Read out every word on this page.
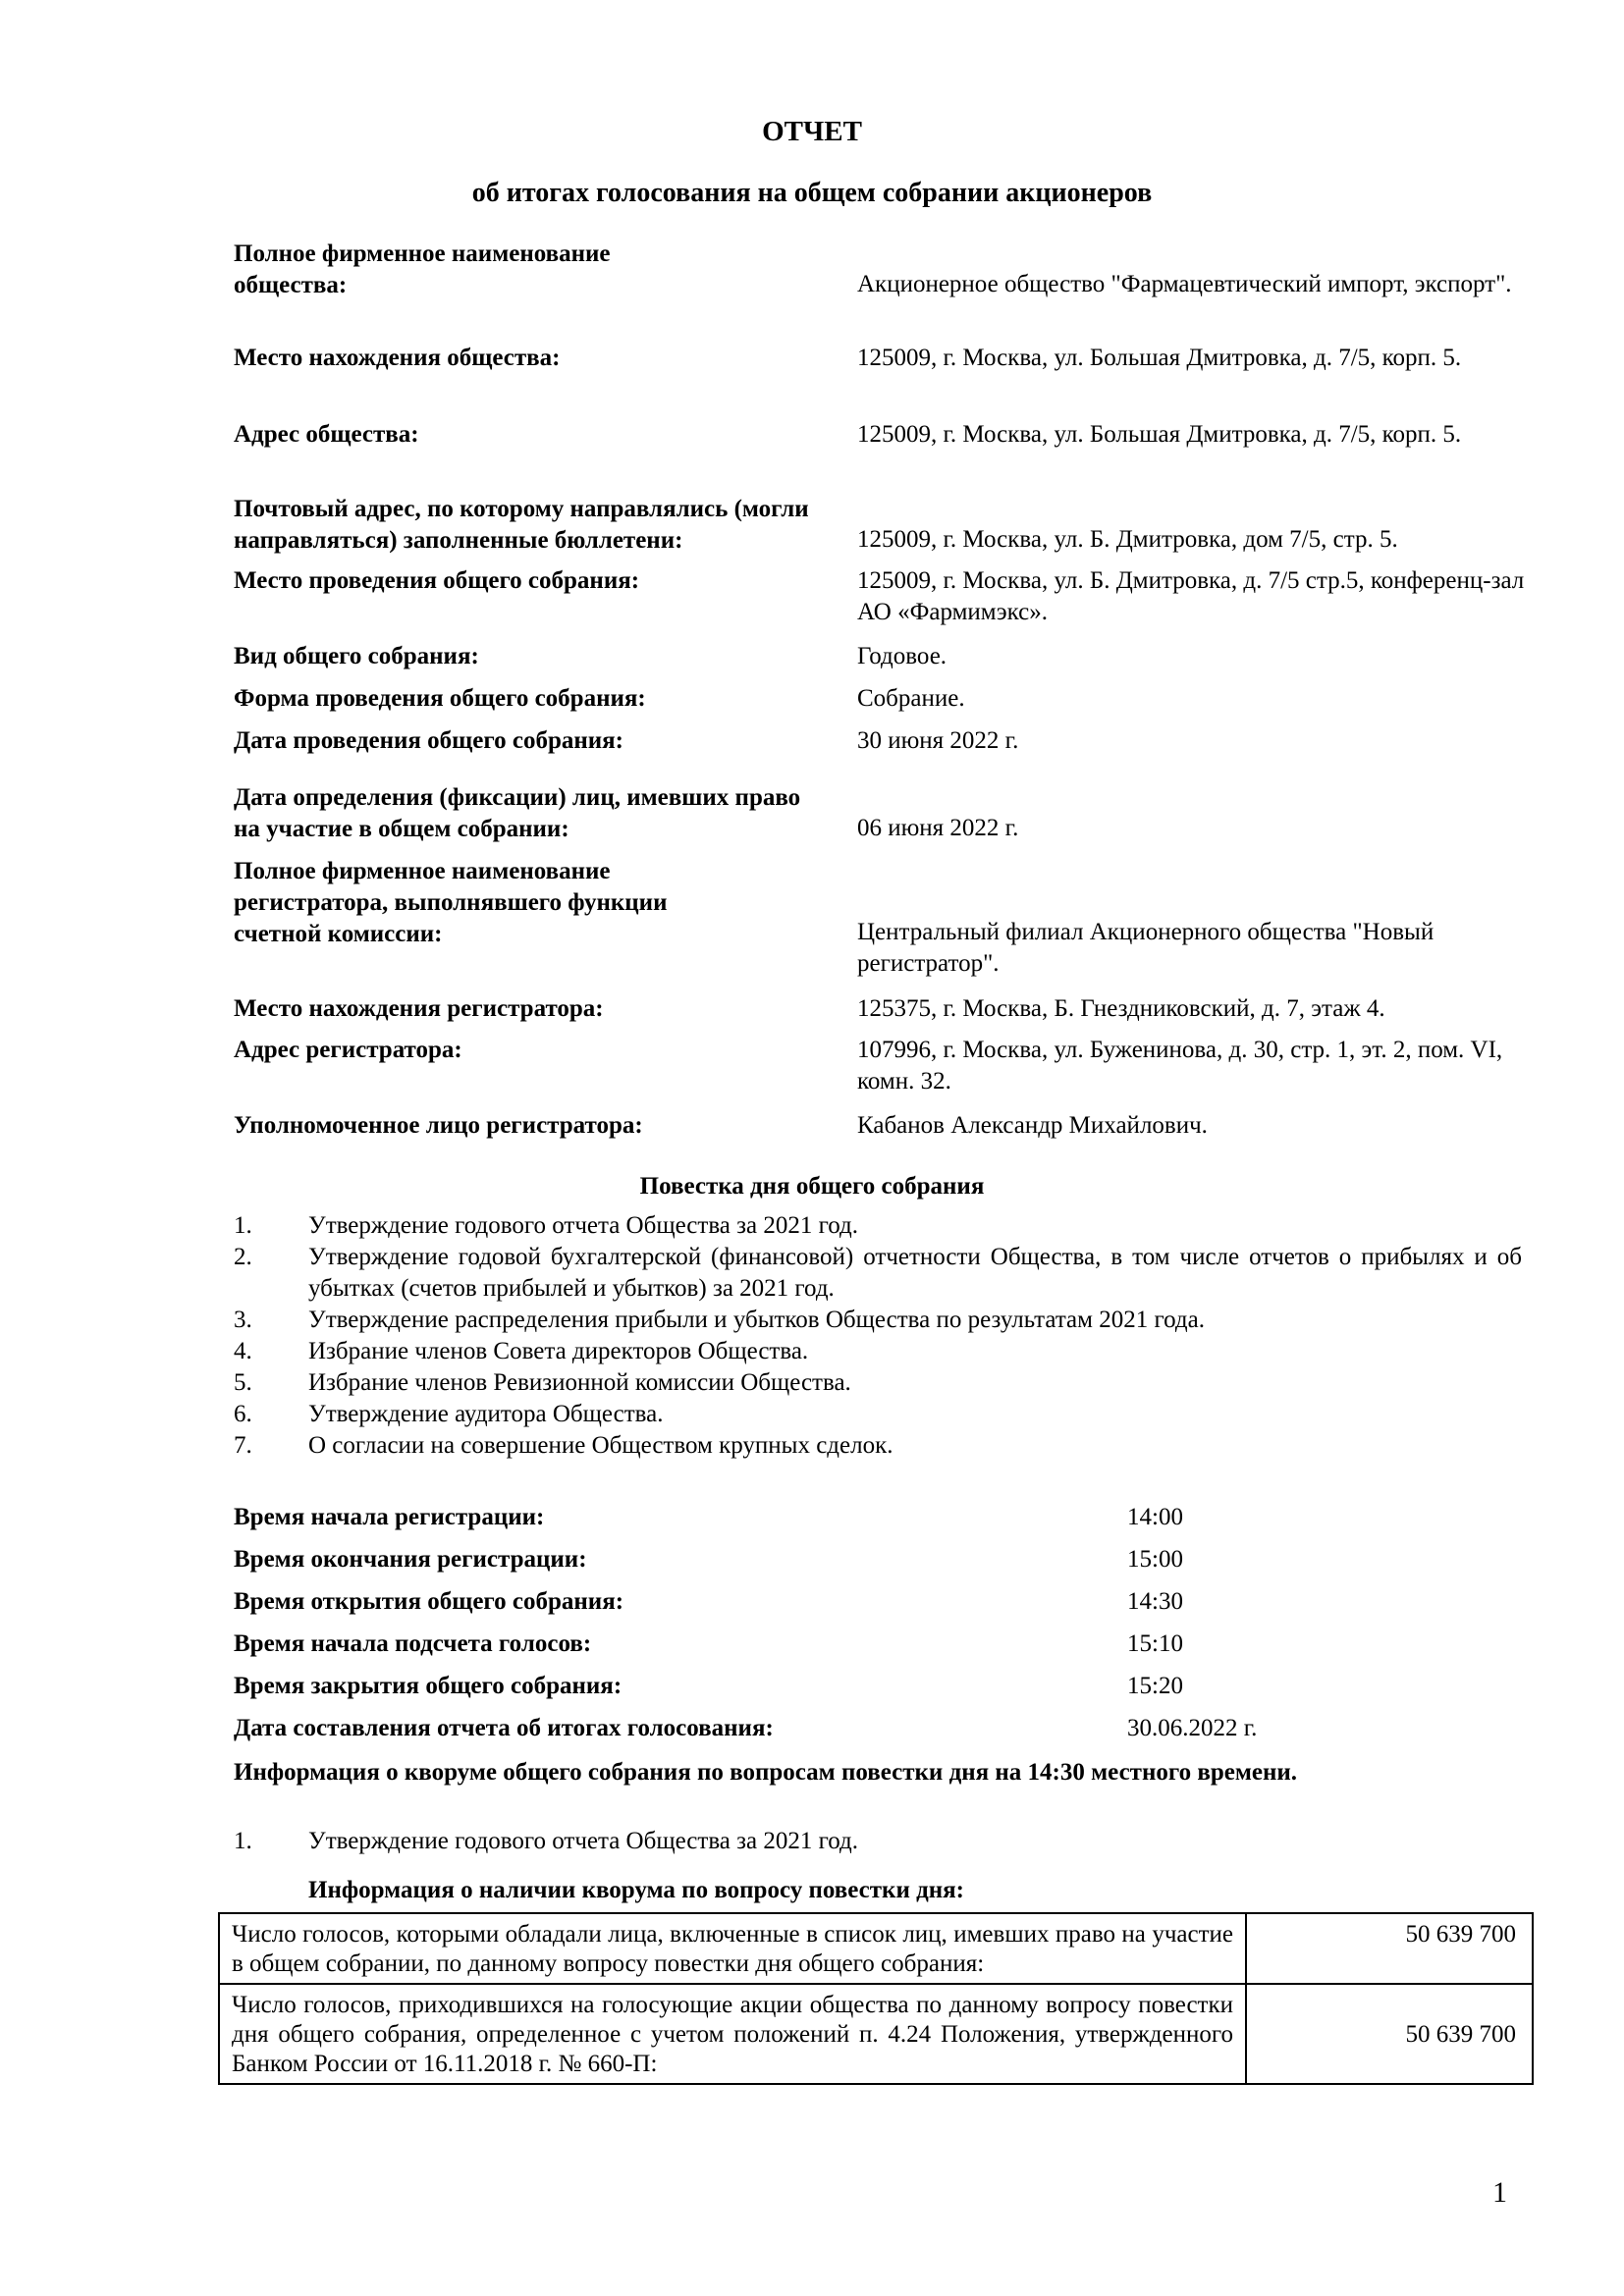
ОТЧЕТ
об итогах голосования на общем собрании акционеров
Полное фирменное наименование общества:	Акционерное общество "Фармацевтический импорт, экспорт".
Место нахождения общества:	125009, г. Москва, ул. Большая Дмитровка, д. 7/5, корп. 5.
Адрес общества:	125009, г. Москва, ул. Большая Дмитровка, д. 7/5, корп. 5.
Почтовый адрес, по которому направлялись (могли направляться) заполненные бюллетени:	125009, г. Москва, ул. Б. Дмитровка, дом 7/5, стр. 5.
Место проведения общего собрания:	125009, г. Москва, ул. Б. Дмитровка, д. 7/5 стр.5, конференц-зал АО «Фармимэкс».
Вид общего собрания:	Годовое.
Форма проведения общего собрания:	Собрание.
Дата проведения общего собрания:	30 июня 2022 г.
Дата определения (фиксации) лиц, имевших право на участие в общем собрании:	06 июня 2022 г.
Полное фирменное наименование регистратора, выполнявшего функции счетной комиссии:	Центральный филиал Акционерного общества "Новый регистратор".
Место нахождения регистратора:	125375, г. Москва, Б. Гнездниковский, д. 7, этаж 4.
Адрес регистратора:	107996, г. Москва, ул. Буженинова, д. 30, стр. 1, эт. 2, пом. VI, комн. 32.
Уполномоченное лицо регистратора:	Кабанов Александр Михайлович.
Повестка дня общего собрания
1. Утверждение годового отчета Общества за 2021 год.
2. Утверждение годовой бухгалтерской (финансовой) отчетности Общества, в том числе отчетов о прибылях и об убытках (счетов прибылей и убытков) за 2021 год.
3. Утверждение распределения прибыли и убытков Общества по результатам 2021 года.
4. Избрание членов Совета директоров Общества.
5. Избрание членов Ревизионной комиссии Общества.
6. Утверждение аудитора Общества.
7. О согласии на совершение Обществом крупных сделок.
Время начала регистрации:	14:00
Время окончания регистрации:	15:00
Время открытия общего собрания:	14:30
Время начала подсчета голосов:	15:10
Время закрытия общего собрания:	15:20
Дата составления отчета об итогах голосования:	30.06.2022 г.
Информация о кворуме общего собрания по вопросам повестки дня на 14:30 местного времени.
1. Утверждение годового отчета Общества за 2021 год.
Информация о наличии кворума по вопросу повестки дня:
Число голосов, которыми обладали лица, включенные в список лиц, имевших право на участие в общем собрании, по данному вопросу повестки дня общего собрания:	50 639 700
Число голосов, приходившихся на голосующие акции общества по данному вопросу повестки дня общего собрания, определенное с учетом положений п. 4.24 Положения, утвержденного Банком России от 16.11.2018 г. № 660-П:	50 639 700
1
